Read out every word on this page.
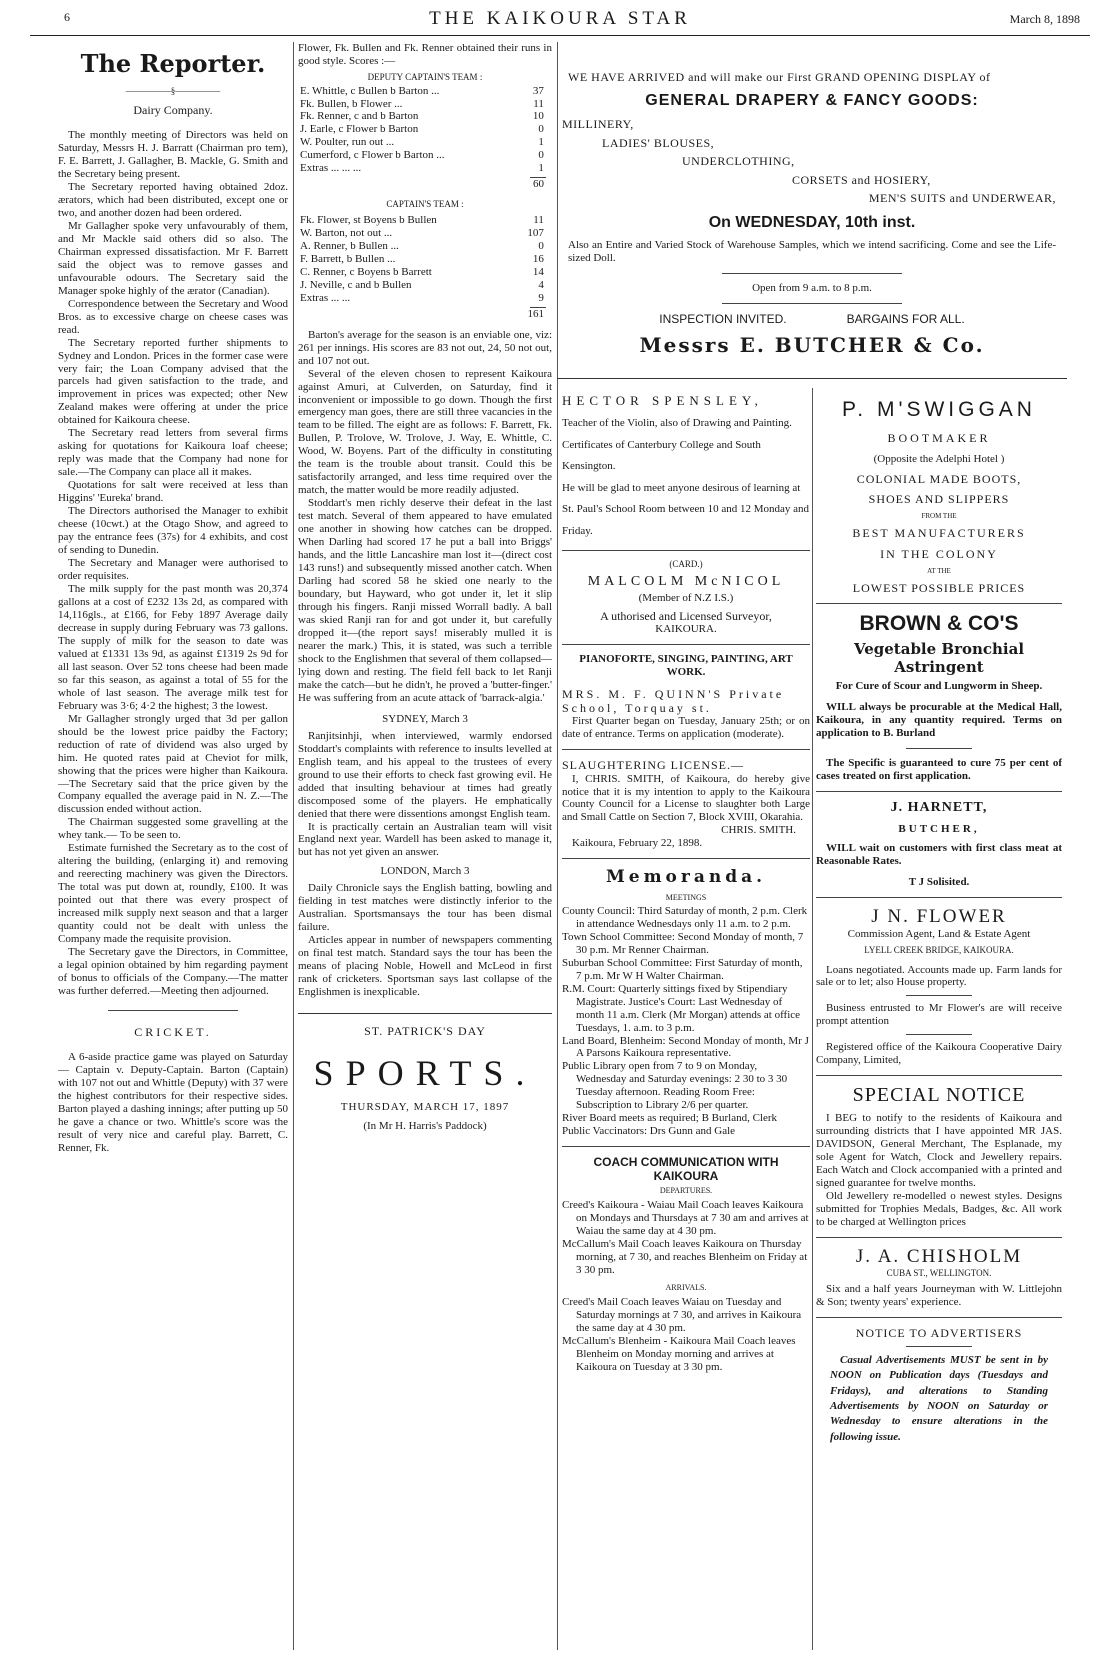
6	THE KAIKOURA STAR	March 8, 1898
The Reporter.
—————§—————
Dairy Company.

The monthly meeting of Directors was held on Saturday, Messrs H. J. Barratt (Chairman pro tem), F. E. Barrett, J. Gallagher, B. Mackle, G. Smith and the Secretary being present.

The Secretary reported having obtained 2doz. ærators, which had been distributed, except one or two, and another dozen had been ordered.

Mr Gallagher spoke very unfavourably of them, and Mr Mackle said others did so also. The Chairman expressed dissatisfaction. Mr F. Barrett said the object was to remove gasses and unfavourable odours. The Secretary said the Manager spoke highly of the ærator (Canadian).

Correspondence between the Secretary and Wood Bros. as to excessive charge on cheese cases was read.

The Secretary reported further shipments to Sydney and London. Prices in the former case were very fair; the Loan Company advised that the parcels had given satisfaction to the trade, and improvement in prices was expected; other New Zealand makes were offering at under the price obtained for Kaikoura cheese.

The Secretary read letters from several firms asking for quotations for Kaikoura loaf cheese; reply was made that the Company had none for sale.—The Company can place all it makes.

Quotations for salt were received at less than Higgins' 'Eureka' brand.

The Directors authorised the Manager to exhibit cheese (10cwt.) at the Otago Show, and agreed to pay the entrance fees (37s) for 4 exhibits, and cost of sending to Dunedin.

The Secretary and Manager were authorised to order requisites.

The milk supply for the past month was 20,374 gallons at a cost of £232 13s 2d, as compared with 14,116gls., at £166, for Feby 1897 Average daily decrease in supply during February was 73 gallons. The supply of milk for the season to date was valued at £1331 13s 9d, as against £1319 2s 9d for all last season. Over 52 tons cheese had been made so far this season, as against a total of 55 for the whole of last season. The average milk test for February was 3·6; 4·2 the highest; 3 the lowest.

Mr Gallagher strongly urged that 3d per gallon should be the lowest price paidby the Factory; reduction of rate of dividend was also urged by him. He quoted rates paid at Cheviot for milk, showing that the prices were higher than Kaikoura.—The Secretary said that the price given by the Company equalled the average paid in N. Z.—The discussion ended without action.

The Chairman suggested some gravelling at the whey tank.— To be seen to.

Estimate furnished the Secretary as to the cost of altering the building, (enlarging it) and removing and reerecting machinery was given the Directors. The total was put down at, roundly, £100. It was pointed out that there was every prospect of increased milk supply next season and that a larger quantity could not be dealt with unless the Company made the requisite provision.

The Secretary gave the Directors, in Committee, a legal opinion obtained by him regarding payment of bonus to officials of the Company.—The matter was further deferred.—Meeting then adjourned.

CRICKET.

A 6-aside practice game was played on Saturday — Captain v. Deputy-Captain. Barton (Captain) with 107 not out and Whittle (Deputy) with 37 were the highest contributors for their respective sides. Barton played a dashing innings; after putting up 50 he gave a chance or two. Whittle's score was the result of very nice and careful play. Barrett, C. Renner, Fk.

Flower, Fk. Bullen and Fk. Renner obtained their runs in good style. Scores :—

DEPUTY CAPTAIN'S TEAM :
E. Whittle, c Bullen b Barton ...	37
Fk. Bullen, b Flower ...	11
Fk. Renner, c and b Barton	10
J. Earle, c Flower b Barton	0
W. Poulter, run out ...	1
Cumerford, c Flower b Barton ...	0
Extras ... ... ...	1
60
CAPTAIN'S TEAM :
Fk. Flower, st Boyens b Bullen	11
W. Barton, not out ...	107
A. Renner, b Bullen ...	0
F. Barrett, b Bullen ...	16
C. Renner, c Boyens b Barrett	14
J. Neville, c and b Bullen	4
Extras ... ...	9
161

Barton's average for the season is an enviable one, viz: 261 per innings. His scores are 83 not out, 24, 50 not out, and 107 not out.

Several of the eleven chosen to represent Kaikoura against Amuri, at Culverden, on Saturday, find it inconvenient or impossible to go down. Though the first emergency man goes, there are still three vacancies in the team to be filled. The eight are as follows: F. Barrett, Fk. Bullen, P. Trolove, W. Trolove, J. Way, E. Whittle, C. Wood, W. Boyens. Part of the difficulty in constituting the team is the trouble about transit. Could this be satisfactorily arranged, and less time required over the match, the matter would be more readily adjusted.

Stoddart's men richly deserve their defeat in the last test match. Several of them appeared to have emulated one another in showing how catches can be dropped. When Darling had scored 17 he put a ball into Briggs' hands, and the little Lancashire man lost it—(direct cost 143 runs!) and subsequently missed another catch. When Darling had scored 58 he skied one nearly to the boundary, but Hayward, who got under it, let it slip through his fingers. Ranji missed Worrall badly. A ball was skied Ranji ran for and got under it, but carefully dropped it—(the report says! miserably mulled it is nearer the mark.) This, it is stated, was such a terrible shock to the Englishmen that several of them collapsed—lying down and resting. The field fell back to let Ranji make the catch—but he didn't, he proved a 'butter-finger.' He was suffering from an acute attack of 'barrack-algia.'

SYDNEY, March 3

Ranjitsinhji, when interviewed, warmly endorsed Stoddart's complaints with reference to insults levelled at English team, and his appeal to the trustees of every ground to use their efforts to check fast growing evil. He added that insulting behaviour at times had greatly discomposed some of the players. He emphatically denied that there were dissentions amongst English team.

It is practically certain an Australian team will visit England next year. Wardell has been asked to manage it, but has not yet given an answer.

LONDON, March 3

Daily Chronicle says the English batting, bowling and fielding in test matches were distinctly inferior to the Australian. Sportsmansays the tour has been dismal failure.

Articles appear in number of newspapers commenting on final test match. Standard says the tour has been the means of placing Noble, Howell and McLeod in first rank of cricketers. Sportsman says last collapse of the Englishmen is inexplicable.

ST. PATRICK'S DAY
SPORTS.
THURSDAY, MARCH 17, 1897
(In Mr H. Harris's Paddock)
WE HAVE ARRIVED and will make our First GRAND OPENING DISPLAY of
GENERAL DRAPERY & FANCY GOODS:
MILLINERY,
LADIES' BLOUSES,
UNDERCLOTHING,
CORSETS and HOSIERY,
MEN'S SUITS and UNDERWEAR,
On WEDNESDAY, 10th inst.

Also an Entire and Varied Stock of Warehouse Samples, which we intend sacrificing. Come and see the Life-sized Doll.

Open from 9 a.m. to 8 p.m.
INSPECTION INVITED.	BARGAINS FOR ALL.
Messrs E. BUTCHER & Co.
HECTOR SPENSLEY,
Teacher of the Violin, also of Drawing and Painting. Certificates of Canterbury College and South Kensington.
He will be glad to meet anyone desirous of learning at St. Paul's School Room between 10 and 12 Monday and Friday.
(CARD.)
MALCOLM McNICOL
(Member of N.Z I.S.)
A uthorised and Licensed Surveyor,
KAIKOURA.
PIANOFORTE, SINGING, PAINTING, ART WORK.
MRS. M. F. QUINN'S Private School, Torquay st.

First Quarter began on Tuesday, January 25th; or on date of entrance. Terms on application (moderate).

SLAUGHTERING LICENSE.—

I, CHRIS. SMITH, of Kaikoura, do hereby give notice that it is my intention to apply to the Kaikoura County Council for a License to slaughter both Large and Small Cattle on Section 7, Block XVIII, Okarahia.

CHRIS. SMITH.
Kaikoura, February 22, 1898.
Memoranda.
MEETINGS

County Council: Third Saturday of month, 2 p.m. Clerk in attendance Wednesdays only 11 a.m. to 2 p.m.

Town School Committee: Second Monday of month, 7 30 p.m. Mr Renner Chairman.

Suburban School Committee: First Saturday of month, 7 p.m. Mr W H Walter Chairman.

R.M. Court: Quarterly sittings fixed by Stipendiary Magistrate. Justice's Court: Last Wednesday of month 11 a.m. Clerk (Mr Morgan) attends at office Tuesdays, 1. a.m. to 3 p.m.

Land Board, Blenheim: Second Monday of month, Mr J A Parsons Kaikoura representative.

Public Library open from 7 to 9 on Monday, Wednesday and Saturday evenings: 2 30 to 3 30 Tuesday afternoon. Reading Room Free: Subscription to Library 2/6 per quarter.

River Board meets as required; B Burland, Clerk

Public Vaccinators: Drs Gunn and Gale

COACH COMMUNICATION WITH KAIKOURA
DEPARTURES.

Creed's Kaikoura - Waiau Mail Coach leaves Kaikoura on Mondays and Thursdays at 7 30 am and arrives at Waiau the same day at 4 30 pm.

McCallum's Mail Coach leaves Kaikoura on Thursday morning, at 7 30, and reaches Blenheim on Friday at 3 30 pm.

ARRIVALS.

Creed's Mail Coach leaves Waiau on Tuesday and Saturday mornings at 7 30, and arrives in Kaikoura the same day at 4 30 pm.

McCallum's Blenheim - Kaikoura Mail Coach leaves Blenheim on Monday morning and arrives at Kaikoura on Tuesday at 3 30 pm.

P. M'SWIGGAN
BOOTMAKER
(Opposite the Adelphi Hotel )
COLONIAL MADE BOOTS,
SHOES AND SLIPPERS
FROM THE
BEST MANUFACTURERS
IN THE COLONY
AT THE
LOWEST POSSIBLE PRICES
BROWN & CO'S
Vegetable Bronchial Astringent
For Cure of Scour and Lungworm in Sheep.

WILL always be procurable at the Medical Hall, Kaikoura, in any quantity required. Terms on application to B. Burland

The Specific is guaranteed to cure 75 per cent of cases treated on first application.

J. HARNETT,
BUTCHER,

WILL wait on customers with first class meat at Reasonable Rates.

T J Solisited.
J N. FLOWER
Commission Agent, Land & Estate Agent
LYELL CREEK BRIDGE, KAIKOURA.

Loans negotiated. Accounts made up. Farm lands for sale or to let; also House property.

Business entrusted to Mr Flower's are will receive prompt attention

Registered office of the Kaikoura Cooperative Dairy Company, Limited,

SPECIAL NOTICE

I BEG to notify to the residents of Kaikoura and surrounding districts that I have appointed MR JAS. DAVIDSON, General Merchant, The Esplanade, my sole Agent for Watch, Clock and Jewellery repairs. Each Watch and Clock accompanied with a printed and signed guarantee for twelve months.

Old Jewellery re-modelled o newest styles. Designs submitted for Trophies Medals, Badges, &c. All work to be charged at Wellington prices

J. A. CHISHOLM
CUBA ST., WELLINGTON.

Six and a half years Journeyman with W. Littlejohn & Son; twenty years' experience.

NOTICE TO ADVERTISERS

Casual Advertisements MUST be sent in by NOON on Publication days (Tuesdays and Fridays), and alterations to Standing Advertisements by NOON on Saturday or Wednesday to ensure alterations in the following issue.
